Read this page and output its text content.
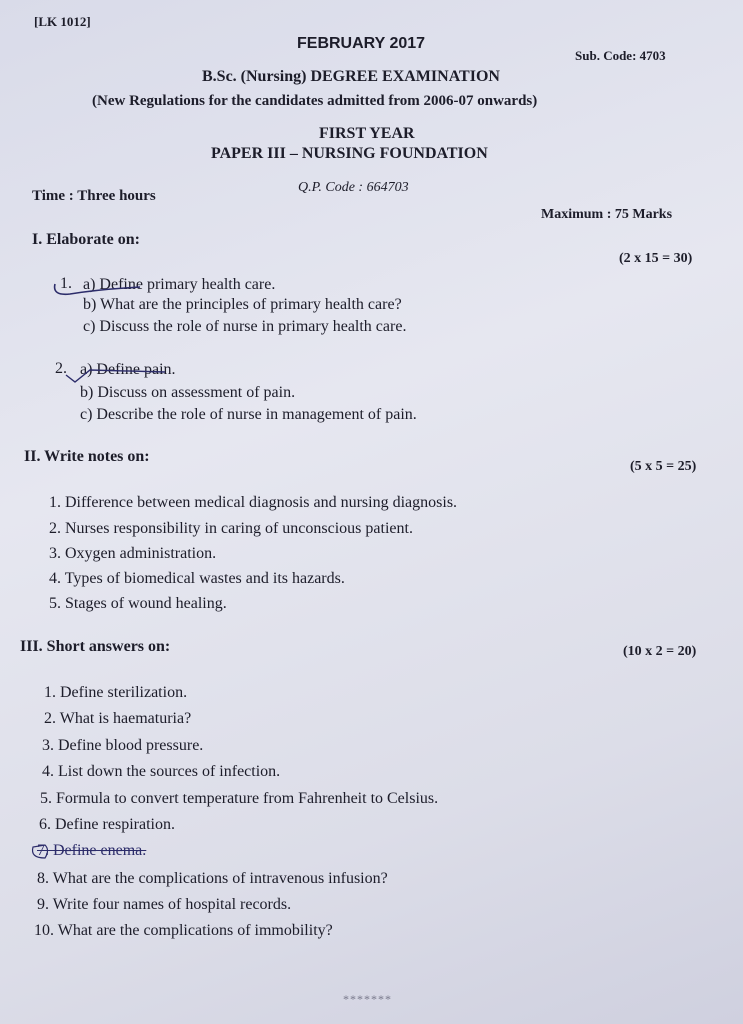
[LK 1012]
FEBRUARY 2017
Sub. Code: 4703
B.Sc. (Nursing) DEGREE EXAMINATION
(New Regulations for the candidates admitted from 2006-07 onwards)
FIRST YEAR
PAPER III – NURSING FOUNDATION
Time : Three hours
Q.P. Code : 664703
Maximum : 75 Marks
I. Elaborate on:
(2 x 15 = 30)
1. a) Define primary health care.
b) What are the principles of primary health care?
c) Discuss the role of nurse in primary health care.
2. a) Define pain.
b) Discuss on assessment of pain.
c) Describe the role of nurse in management of pain.
II. Write notes on:
(5 x 5 = 25)
1. Difference between medical diagnosis and nursing diagnosis.
2. Nurses responsibility in caring of unconscious patient.
3. Oxygen administration.
4. Types of biomedical wastes and its hazards.
5. Stages of wound healing.
III. Short answers on:	(10 x 2 = 20)
1. Define sterilization.
2. What is haematuria?
3. Define blood pressure.
4. List down the sources of infection.
5. Formula to convert temperature from Fahrenheit to Celsius.
6. Define respiration.
7. Define enema.
8. What are the complications of intravenous infusion?
9. Write four names of hospital records.
10. What are the complications of immobility?
*******
